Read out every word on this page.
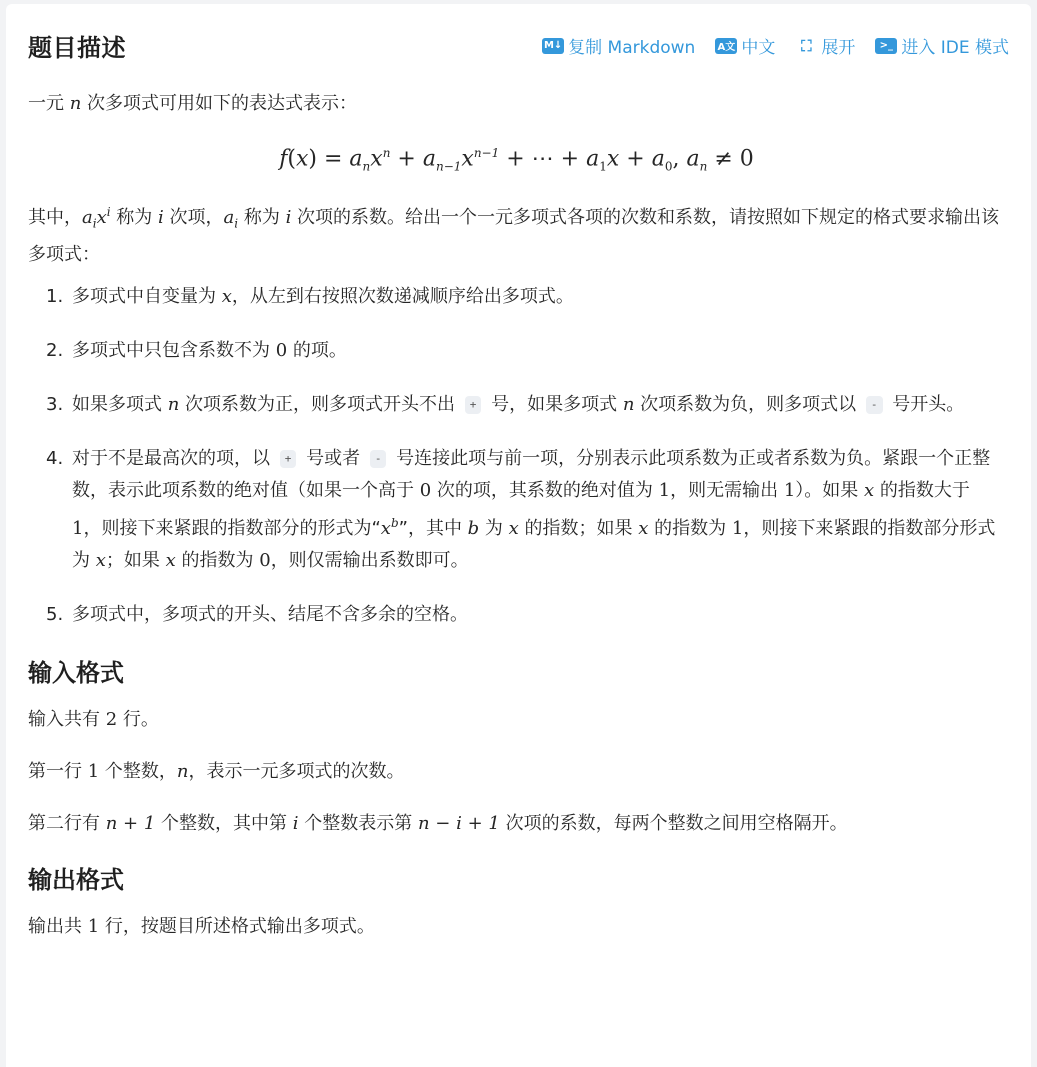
题目描述	M↓ 复制 Markdown A文 中文	⛶ 展开	>_ 进入 IDE 模式

一元 n 次多项式可用如下的表达式表示：

$f(x) = a_nx^n + a_{n-1}x^{n-1}$ + ⋯ + $a_1x + a_0$, $a_n \ne 0$

其中，$a_ix^i$ 称为 i 次项，$a_i$ 称为 i 次项的系数。给出一个一元多项式各项的次数和系数，请按照如下规定的格式要求输出该多项式：

1. 多项式中自变量为 x，从左到右按照次数递减顺序给出多项式。
2. 多项式中只包含系数不为 0 的项。
3. 如果多项式 n 次项系数为正，则多项式开头不出 + 号，如果多项式 n 次项系数为负，则多项式以 - 号开头。
4. 对于不是最高次的项，以 + 号或者 - 号连接此项与前一项，分别表示此项系数为正或者系数为负。紧跟一个正整数，表示此项系数的绝对值（如果一个高于 0 次的项，其系数的绝对值为 1，则无需输出 1）。如果 x 的指数大于 1，则接下来紧跟的指数部分的形式为“$x^b$”，其中 b 为 x 的指数；如果 x 的指数为 1，则接下来紧跟的指数部分形式为 x；如果 x 的指数为 0，则仅需输出系数即可。
5. 多项式中，多项式的开头、结尾不含多余的空格。
输入格式

输入共有 2 行。

第一行 1 个整数，n，表示一元多项式的次数。

第二行有 n + 1 个整数，其中第 i 个整数表示第 n − i + 1 次项的系数，每两个整数之间用空格隔开。

输出格式

输出共 1 行，按题目所述格式输出多项式。
